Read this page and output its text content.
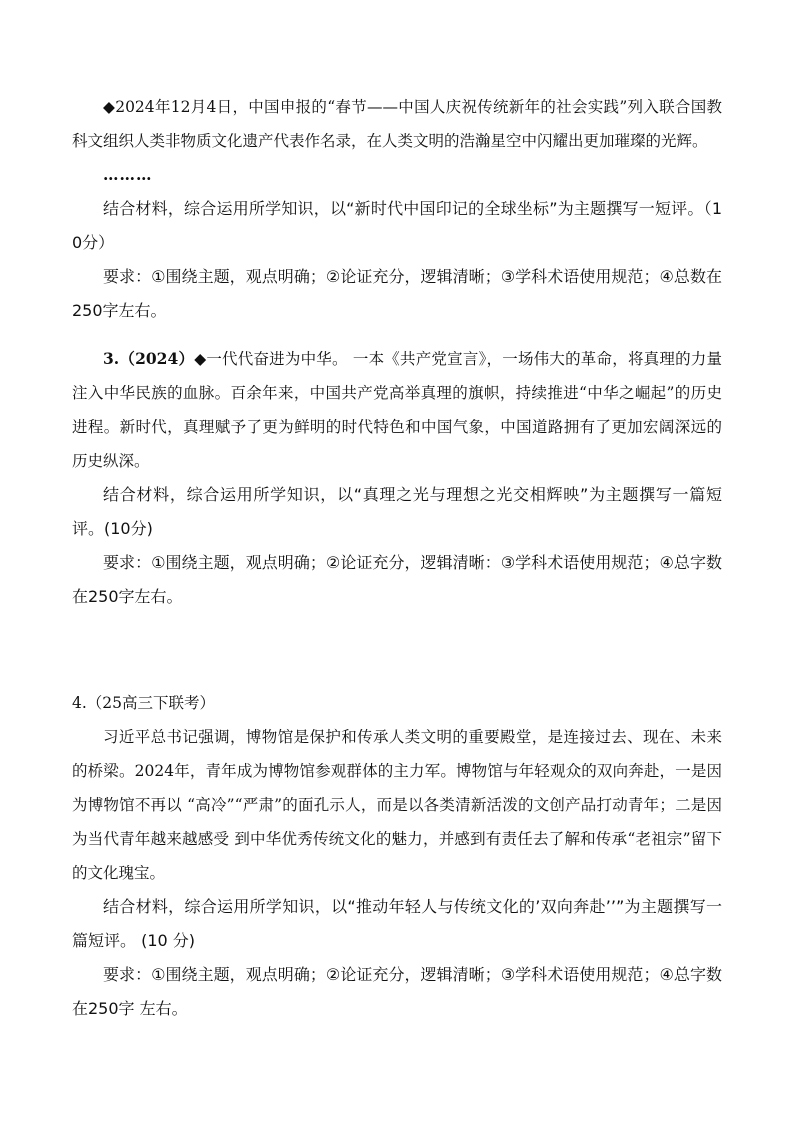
◆2024年12月4日，中国申报的“春节——中国人庆祝传统新年的社会实践”列入联合国教科文组织人类非物质文化遗产代表作名录，在人类文明的浩瀚星空中闪耀出更加璀璨的光辉。

………

结合材料，综合运用所学知识，以“新时代中国印记的全球坐标”为主题撰写一短评。（10分）

要求：①围绕主题，观点明确；②论证充分，逻辑清晰；③学科术语使用规范；④总数在250字左右。

3.（2024）◆一代代奋进为中华。 一本《共产党宣言》，一场伟大的革命，将真理的力量注入中华民族的血脉。百余年来，中国共产党高举真理的旗帜，持续推进“中华之崛起”的历史进程。新时代，真理赋予了更为鲜明的时代特色和中国气象，中国道路拥有了更加宏阔深远的历史纵深。

结合材料，综合运用所学知识，以“真理之光与理想之光交相辉映”为主题撰写一篇短评。(10分)

要求：①围绕主题，观点明确；②论证充分，逻辑清晰：③学科术语使用规范；④总字数在250字左右。

4.（25高三下联考）

习近平总书记强调，博物馆是保护和传承人类文明的重要殿堂，是连接过去、现在、未来的桥梁。2024年，青年成为博物馆参观群体的主力军。博物馆与年轻观众的双向奔赴，一是因为博物馆不再以 “高冷”“严肃”的面孔示人，而是以各类清新活泼的文创产品打动青年；二是因为当代青年越来越感受 到中华优秀传统文化的魅力，并感到有责任去了解和传承“老祖宗”留下的文化瑰宝。

结合材料，综合运用所学知识，以“推动年轻人与传统文化的’双向奔赴’’”为主题撰写一篇短评。 (10 分)

要求：①围绕主题，观点明确；②论证充分，逻辑清晰；③学科术语使用规范；④总字数在250字 左右。
